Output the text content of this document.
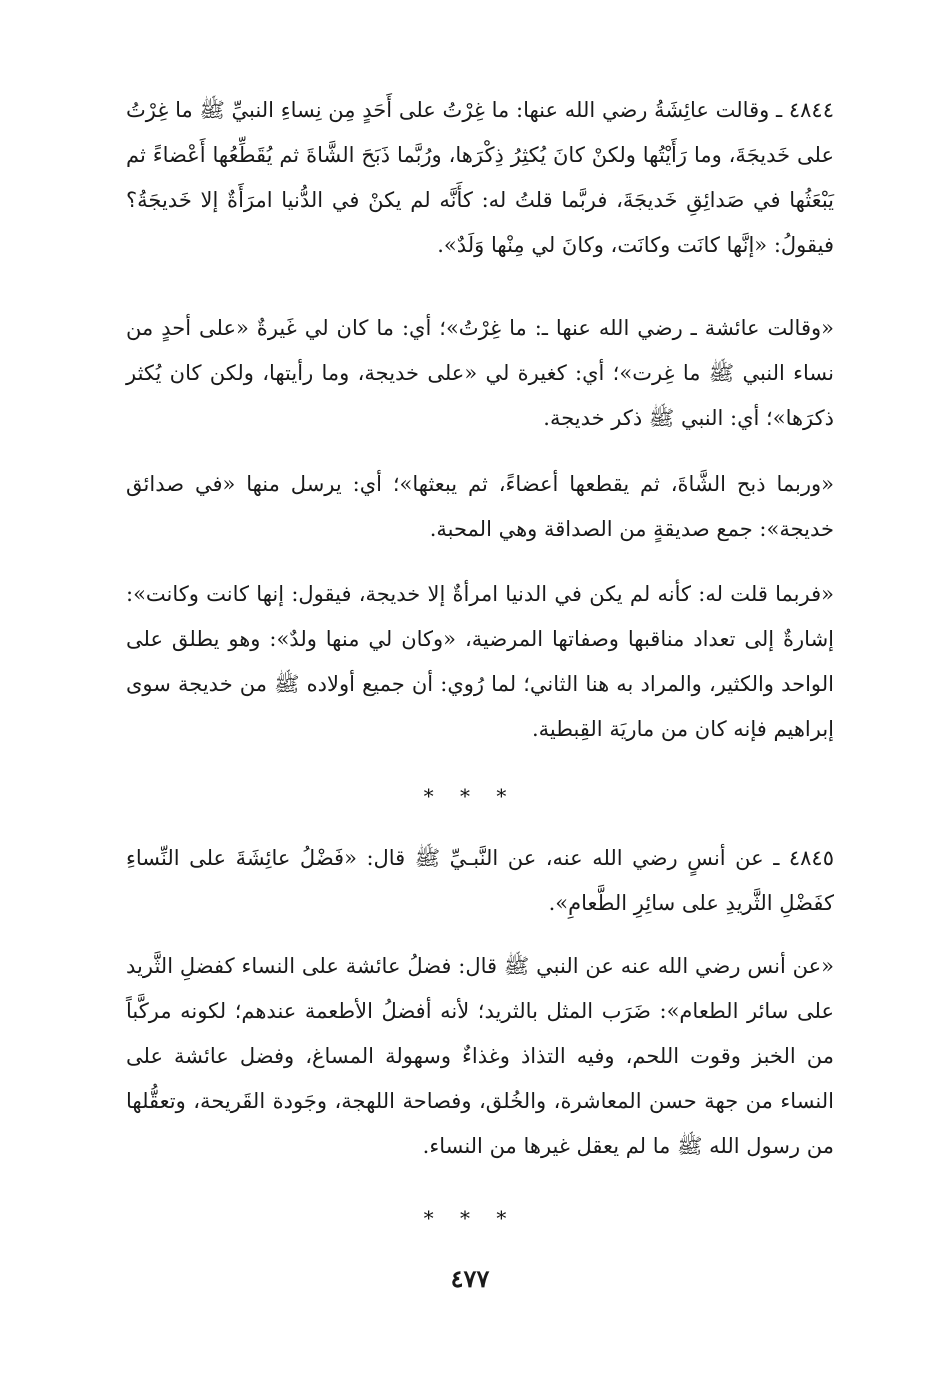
٤٨٤٤ ـ وقالت عائِشَةُ رضي الله عنها: ما غِرْتُ على أَحَدٍ مِن نِساءِ النبيِّ ﷺ ما غِرْتُ على خَديجَةَ، وما رَأَيْتُها ولكنْ كانَ يُكثِرُ ذِكْرَها، ورُبَّما ذَبَحَ الشَّاةَ ثم يُقَطِّعُها أَعْضاءً ثم يَبْعَثُها في صَدائِقِ خَديجَةَ، فربَّما قلتُ له: كأَنَّه لم يكنْ في الدُّنيا امرَأَةٌ إلا خَديجَةُ؟ فيقولُ: «إنَّها كانَت وكانَت، وكانَ لي مِنْها وَلَدٌ».

«وقالت عائشة ـ رضي الله عنها ـ: ما غِرْتُ»؛ أي: ما كان لي غَيرةٌ «على أحدٍ من نساء النبي ﷺ ما غِرت»؛ أي: كغيرة لي «على خديجة، وما رأيتها، ولكن كان يُكثر ذكرَها»؛ أي: النبي ﷺ ذكر خديجة.

«وربما ذبح الشَّاةَ، ثم يقطعها أعضاءً، ثم يبعثها»؛ أي: يرسل منها «في صدائق خديجة»: جمع صديقةٍ من الصداقة وهي المحبة.

«فربما قلت له: كأنه لم يكن في الدنيا امرأةٌ إلا خديجة، فيقول: إنها كانت وكانت»: إشارةٌ إلى تعداد مناقبها وصفاتها المرضية، «وكان لي منها ولدٌ»: وهو يطلق على الواحد والكثير، والمراد به هنا الثاني؛ لما رُوي: أن جميع أولاده ﷺ من خديجة سوى إبراهيم فإنه كان من ماريَة القِبطية.

* * *

٤٨٤٥ ـ عن أنسٍ رضي الله عنه، عن النَّبـيِّ ﷺ قال: «فَضْلُ عائِشَةَ على النِّساءِ كفَضْلِ الثَّريدِ على سائِرِ الطَّعامِ».

«عن أنس رضي الله عنه عن النبي ﷺ قال: فضلُ عائشة على النساء كفضلِ الثَّريد على سائر الطعام»: ضَرَب المثل بالثريد؛ لأنه أفضلُ الأطعمة عندهم؛ لكونه مركَّباً من الخبز وقوت اللحم، وفيه التذاذ وغذاءٌ وسهولة المساغ، وفضل عائشة على النساء من جهة حسن المعاشرة، والخُلق، وفصاحة اللهجة، وجَودة القَريحة، وتعقُّلها من رسول الله ﷺ ما لم يعقل غيرها من النساء.

* * *
٤٧٧
